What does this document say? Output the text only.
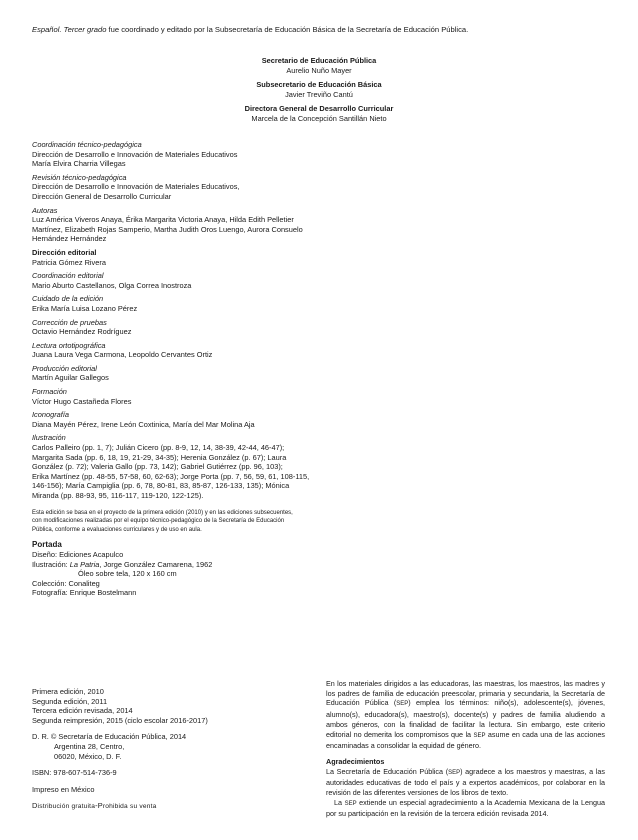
Español. Tercer grado fue coordinado y editado por la Subsecretaría de Educación Básica de la Secretaría de Educación Pública.
Secretario de Educación Pública
Aurelio Nuño Mayer
Subsecretario de Educación Básica
Javier Treviño Cantú
Directora General de Desarrollo Curricular
Marcela de la Concepción Santillán Nieto
Coordinación técnico-pedagógica
Dirección de Desarrollo e Innovación de Materiales Educativos
María Elvira Charria Villegas
Revisión técnico-pedagógica
Dirección de Desarrollo e Innovación de Materiales Educativos,
Dirección General de Desarrollo Curricular
Autoras
Luz América Viveros Anaya, Érika Margarita Victoria Anaya, Hilda Edith Pelletier
Martínez, Elizabeth Rojas Samperio, Martha Judith Oros Luengo, Aurora Consuelo
Hernández Hernández
Dirección editorial
Patricia Gómez Rivera
Coordinación editorial
Mario Aburto Castellanos, Olga Correa Inostroza
Cuidado de la edición
Erika María Luisa Lozano Pérez
Corrección de pruebas
Octavio Hernández Rodríguez
Lectura ortotipográfica
Juana Laura Vega Carmona, Leopoldo Cervantes Ortiz
Producción editorial
Martín Aguilar Gallegos
Formación
Víctor Hugo Castañeda Flores
Iconografía
Diana Mayén Pérez, Irene León Coxtinica, María del Mar Molina Aja
Ilustración
Carlos Palleiro (pp. 1, 7); Julián Cicero (pp. 8-9, 12, 14, 38-39, 42-44, 46-47);
Margarita Sada (pp. 6, 18, 19, 21-29, 34-35); Herenia González (p. 67); Laura
González (p. 72); Valeria Gallo (pp. 73, 142); Gabriel Gutiérrez (pp. 96, 103);
Erika Martínez (pp. 48-55, 57-58, 60, 62-63); Jorge Porta (pp. 7, 56, 59, 61, 108-115,
146-156); María Campiglia (pp. 6, 78, 80-81, 83, 85-87, 126-133, 135); Mónica
Miranda (pp. 88-93, 95, 116-117, 119-120, 122-125).
Esta edición se basa en el proyecto de la primera edición (2010) y en las ediciones subsecuentes,
con modificaciones realizadas por el equipo técnico-pedagógico de la Secretaría de Educación
Pública, conforme a evaluaciones curriculares y de uso en aula.
Portada
Diseño: Ediciones Acapulco
Ilustración: La Patria, Jorge González Camarena, 1962
Óleo sobre tela, 120 x 160 cm
Colección: Conaliteg
Fotografía: Enrique Bostelmann
Primera edición, 2010
Segunda edición, 2011
Tercera edición revisada, 2014
Segunda reimpresión, 2015 (ciclo escolar 2016-2017)
D. R. © Secretaría de Educación Pública, 2014
Argentina 28, Centro,
06020, México, D. F.
ISBN: 978-607-514-736-9
Impreso en México
Distribución gratuita-Prohibida su venta

En los materiales dirigidos a las educadoras, las maestras, los maestros, las madres y los padres de familia de educación preescolar, primaria y secundaria, la Secretaría de Educación Pública (SEP) emplea los términos: niño(s), adolescente(s), jóvenes, alumno(s), educadora(s), maestro(s), docente(s) y padres de familia aludiendo a ambos géneros, con la finalidad de facilitar la lectura. Sin embargo, este criterio editorial no demerita los compromisos que la SEP asume en cada una de las acciones encaminadas a consolidar la equidad de género.

Agradecimientos

La Secretaría de Educación Pública (SEP) agradece a los maestros y maestras, a las autoridades educativas de todo el país y a expertos académicos, por colaborar en la revisión de las diferentes versiones de los libros de texto.

La SEP extiende un especial agradecimiento a la Academia Mexicana de la Lengua por su participación en la revisión de la tercera edición revisada 2014.
